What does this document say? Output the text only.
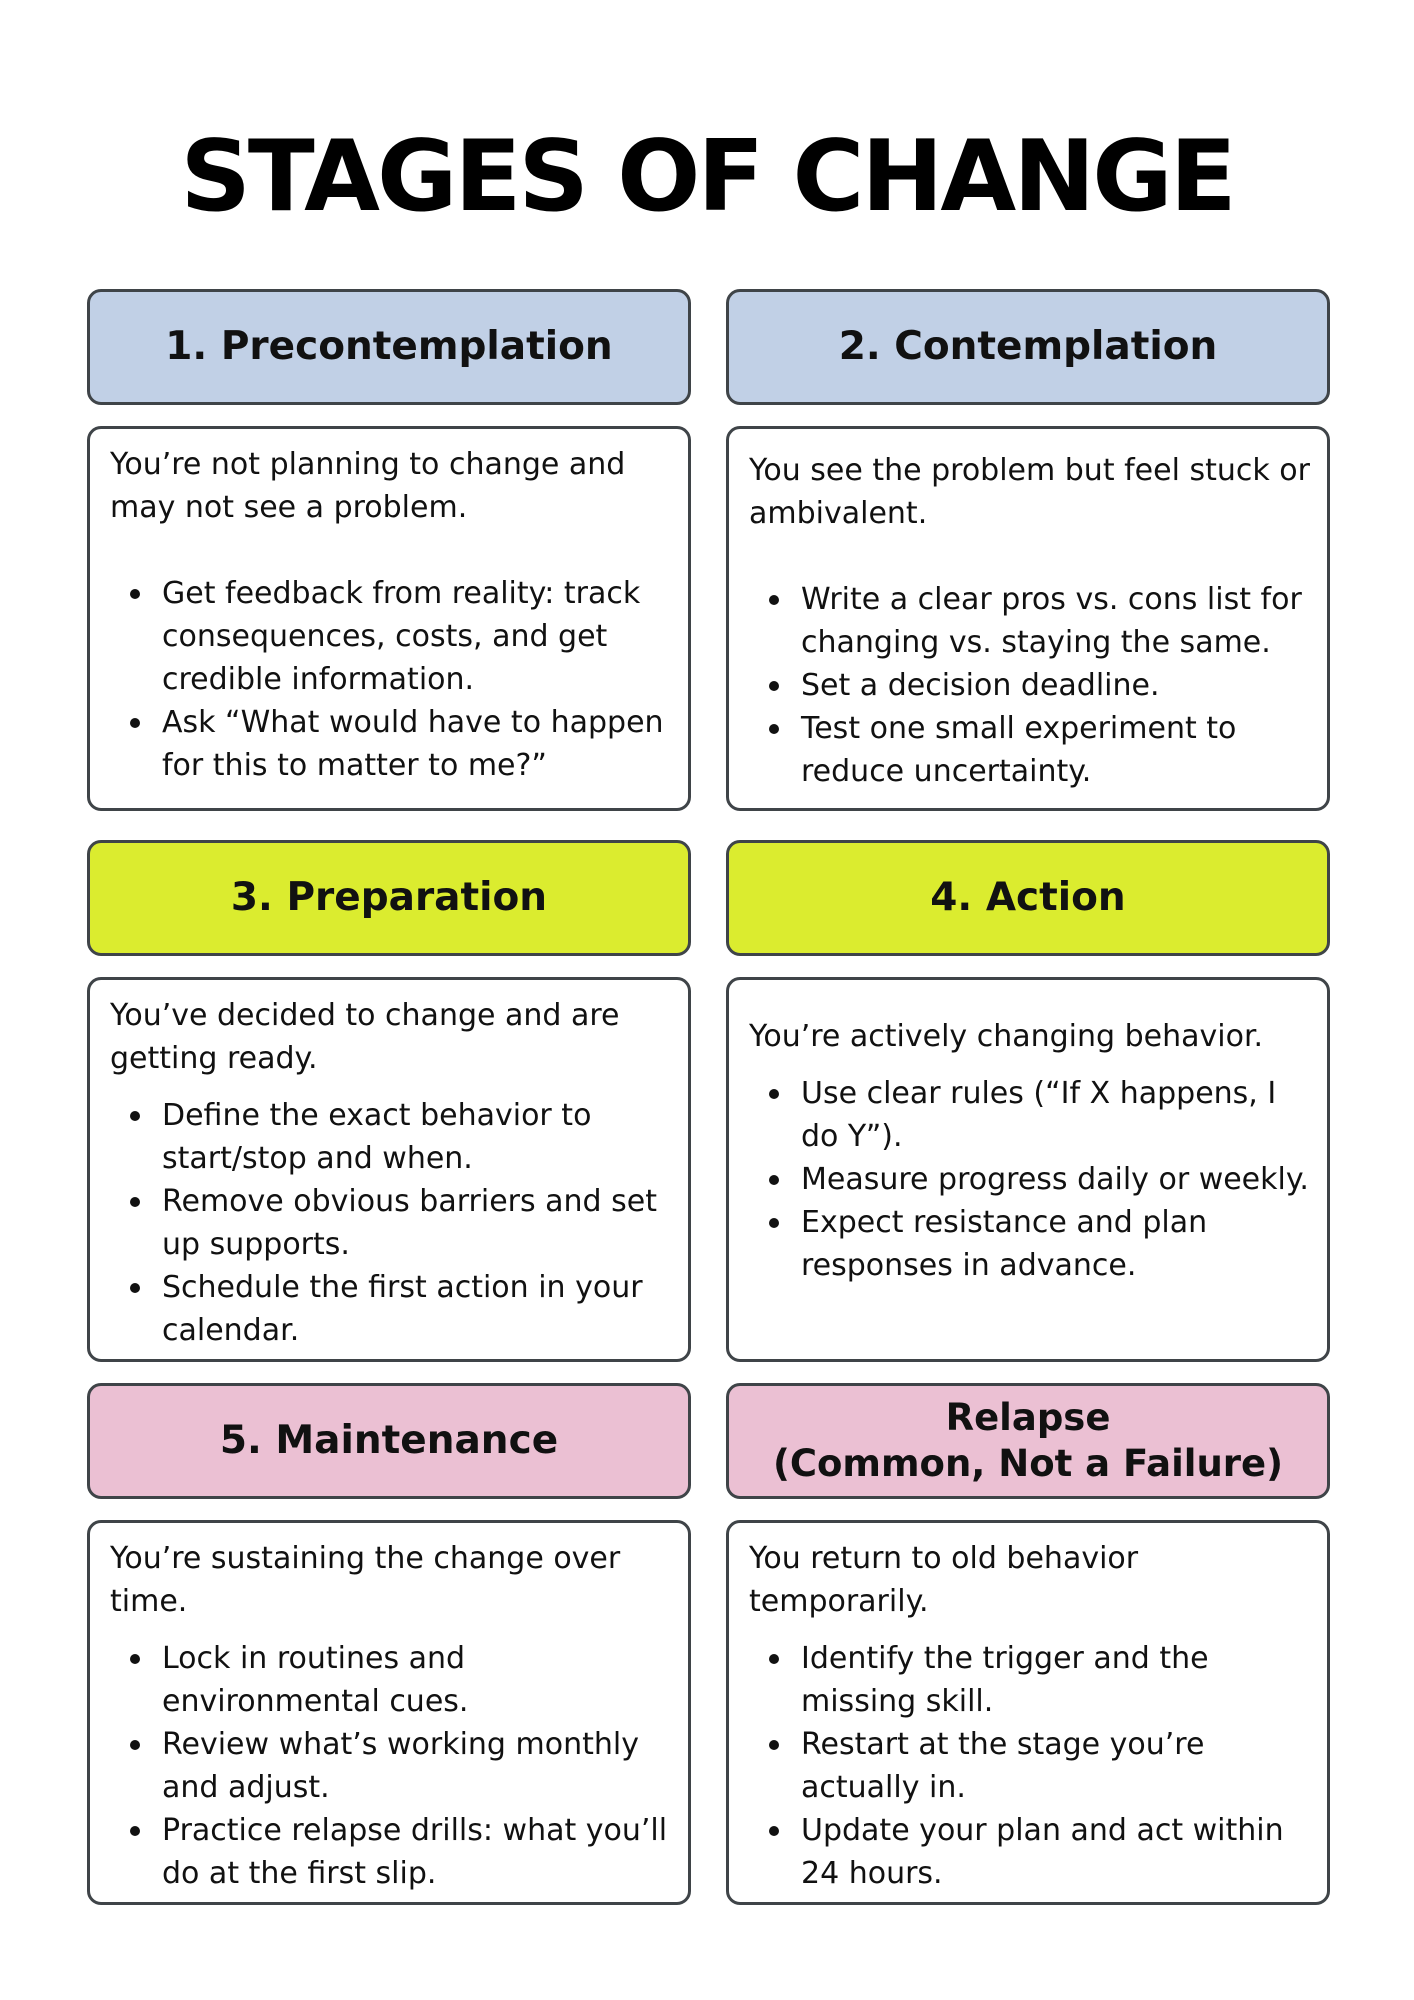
STAGES OF CHANGE
1. Precontemplation

You’re not planning to change and may not see a problem.

Get feedback from reality: track consequences, costs, and get credible information.
Ask “What would have to happen for this to matter to me?”
2. Contemplation

You see the problem but feel stuck or ambivalent.

Write a clear pros vs. cons list for changing vs. staying the same.
Set a decision deadline.
Test one small experiment to reduce uncertainty.
3. Preparation

You’ve decided to change and are getting ready.

Define the exact behavior to start/stop and when.
Remove obvious barriers and set up supports.
Schedule the first action in your calendar.
4. Action

You’re actively changing behavior.

Use clear rules (“If X happens, I do Y”).
Measure progress daily or weekly.
Expect resistance and plan responses in advance.
5. Maintenance

You’re sustaining the change over time.

Lock in routines and environmental cues.
Review what’s working monthly and adjust.
Practice relapse drills: what you’ll do at the first slip.
Relapse
(Common, Not a Failure)

You return to old behavior temporarily.

Identify the trigger and the missing skill.
Restart at the stage you’re actually in.
Update your plan and act within 24 hours.
